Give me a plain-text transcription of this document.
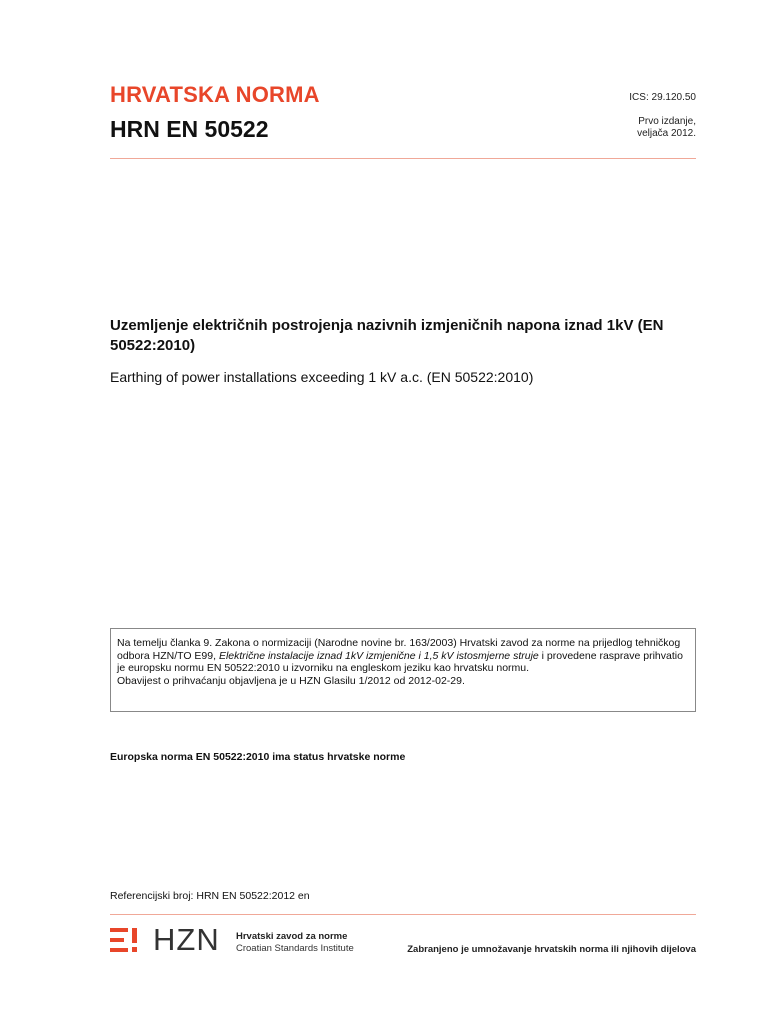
HRVATSKA NORMA
HRN EN 50522
ICS: 29.120.50
Prvo izdanje,
veljača 2012.
Uzemljenje električnih postrojenja nazivnih izmjeničnih napona iznad 1kV (EN 50522:2010)
Earthing of power installations exceeding 1 kV a.c. (EN 50522:2010)
Na temelju članka 9. Zakona o normizaciji (Narodne novine br. 163/2003) Hrvatski zavod za norme na prijedlog tehničkog odbora HZN/TO E99, Električne instalacije iznad 1kV izmjenične i 1,5 kV istosmjerne struje i provedene rasprave prihvatio je europsku normu EN 50522:2010 u izvorniku na engleskom jeziku kao hrvatsku normu.
Obavijest o prihvaćanju objavljena je u HZN Glasilu 1/2012 od 2012-02-29.
Europska norma EN 50522:2010 ima status hrvatske norme
Referencijski broj: HRN EN 50522:2012 en
HZN Hrvatski zavod za norme
Croatian Standards Institute	Zabranjeno je umnožavanje hrvatskih norma ili njihovih dijelova
